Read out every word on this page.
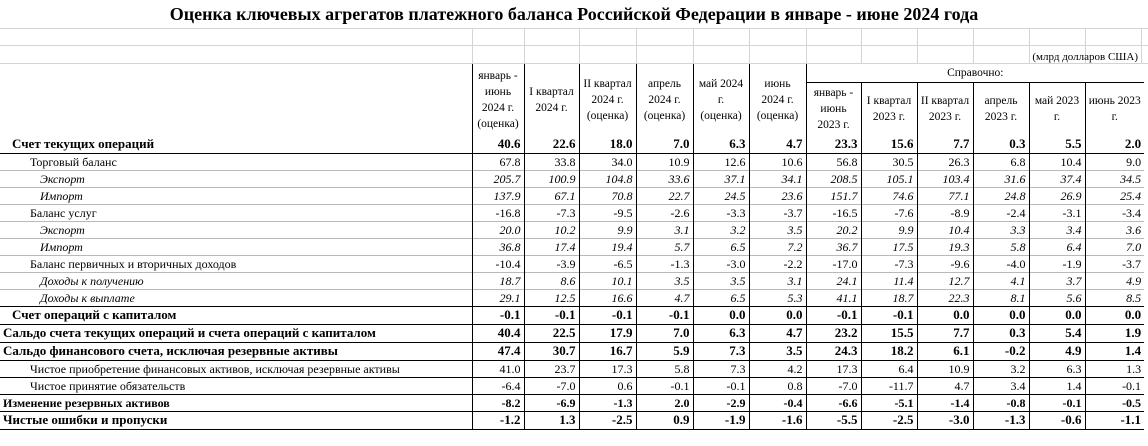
Оценка ключевых агрегатов платежного баланса Российской Федерации в январе - июне 2024 года
(млрд долларов США)
	январь - июнь 2024 г. (оценка)	I квартал 2024 г.	II квартал 2024 г. (оценка)	апрель 2024 г. (оценка)	май 2024 г. (оценка)	июнь 2024 г. (оценка)	Справочно:					
							январь - июнь 2023 г.	I квартал 2023 г.	II квартал 2023 г.	апрель 2023 г.	май 2023 г.	июнь 2023 г.
Счет текущих операций	40.6	22.6	18.0	7.0	6.3	4.7	23.3	15.6	7.7	0.3	5.5	2.0
Торговый баланс	67.8	33.8	34.0	10.9	12.6	10.6	56.8	30.5	26.3	6.8	10.4	9.0
Экспорт	205.7	100.9	104.8	33.6	37.1	34.1	208.5	105.1	103.4	31.6	37.4	34.5
Импорт	137.9	67.1	70.8	22.7	24.5	23.6	151.7	74.6	77.1	24.8	26.9	25.4
Баланс услуг	-16.8	-7.3	-9.5	-2.6	-3.3	-3.7	-16.5	-7.6	-8.9	-2.4	-3.1	-3.4
Экспорт	20.0	10.2	9.9	3.1	3.2	3.5	20.2	9.9	10.4	3.3	3.4	3.6
Импорт	36.8	17.4	19.4	5.7	6.5	7.2	36.7	17.5	19.3	5.8	6.4	7.0
Баланс первичных и вторичных доходов	-10.4	-3.9	-6.5	-1.3	-3.0	-2.2	-17.0	-7.3	-9.6	-4.0	-1.9	-3.7
Доходы к получению	18.7	8.6	10.1	3.5	3.5	3.1	24.1	11.4	12.7	4.1	3.7	4.9
Доходы к выплате	29.1	12.5	16.6	4.7	6.5	5.3	41.1	18.7	22.3	8.1	5.6	8.5
Счет операций с капиталом	-0.1	-0.1	-0.1	-0.1	0.0	0.0	-0.1	-0.1	0.0	0.0	0.0	0.0
Сальдо счета текущих операций и счета операций с капиталом	40.4	22.5	17.9	7.0	6.3	4.7	23.2	15.5	7.7	0.3	5.4	1.9
Сальдо финансового счета, исключая резервные активы	47.4	30.7	16.7	5.9	7.3	3.5	24.3	18.2	6.1	-0.2	4.9	1.4
Чистое приобретение финансовых активов, исключая резервные активы	41.0	23.7	17.3	5.8	7.3	4.2	17.3	6.4	10.9	3.2	6.3	1.3
Чистое принятие обязательств	-6.4	-7.0	0.6	-0.1	-0.1	0.8	-7.0	-11.7	4.7	3.4	1.4	-0.1
Изменение резервных активов	-8.2	-6.9	-1.3	2.0	-2.9	-0.4	-6.6	-5.1	-1.4	-0.8	-0.1	-0.5
Чистые ошибки и пропуски	-1.2	1.3	-2.5	0.9	-1.9	-1.6	-5.5	-2.5	-3.0	-1.3	-0.6	-1.1
